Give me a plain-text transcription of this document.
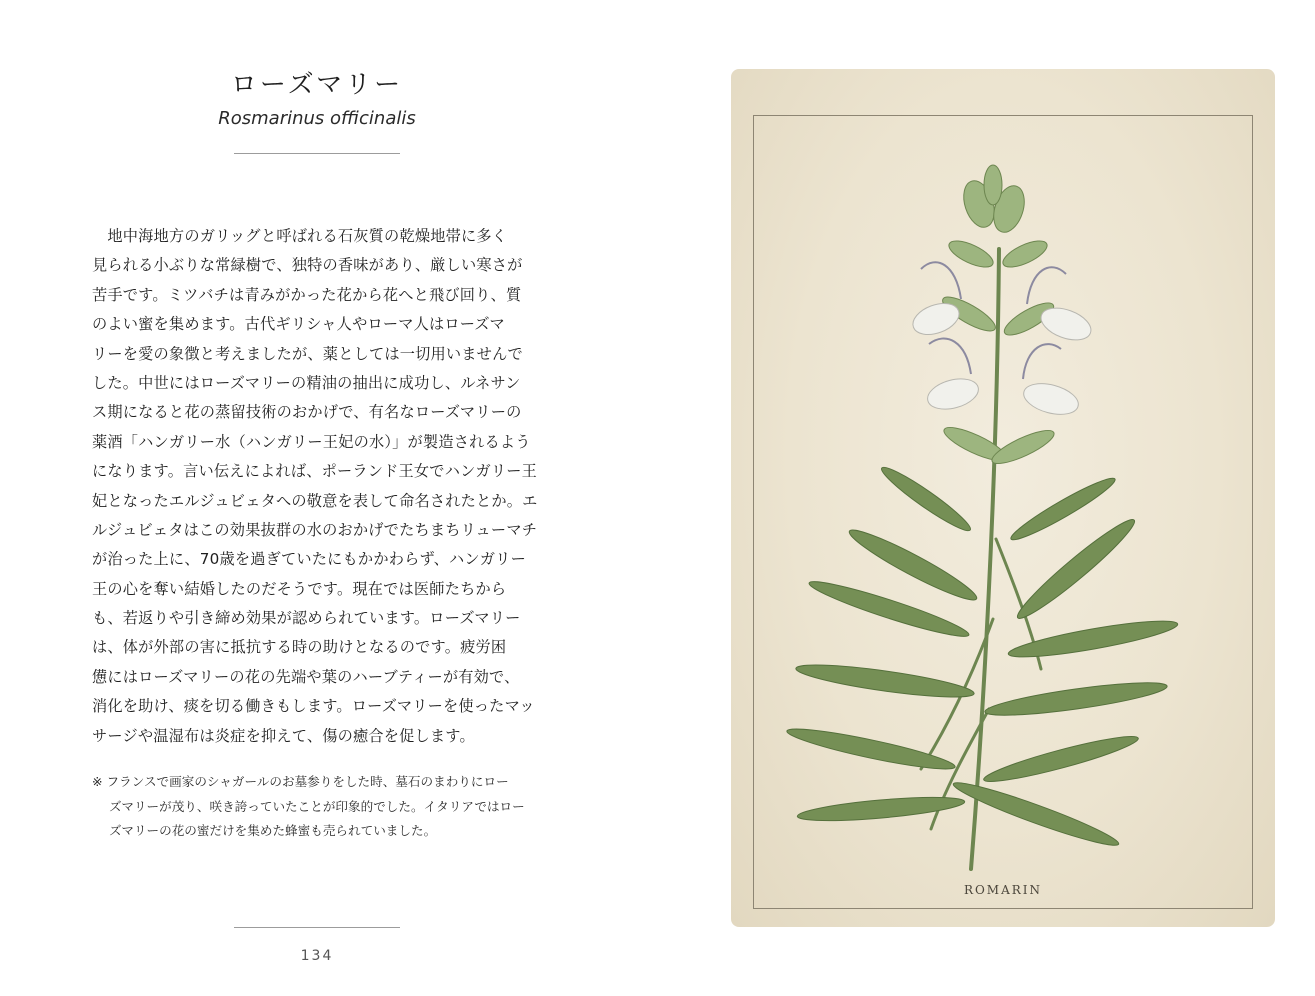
ローズマリー
Rosmarinus officinalis
　地中海地方のガリッグと呼ばれる石灰質の乾燥地帯に多く
見られる小ぶりな常緑樹で、独特の香味があり、厳しい寒さが
苦手です。ミツバチは青みがかった花から花へと飛び回り、質
のよい蜜を集めます。古代ギリシャ人やローマ人はローズマ
リーを愛の象徴と考えましたが、薬としては一切用いませんで
した。中世にはローズマリーの精油の抽出に成功し、ルネサン
ス期になると花の蒸留技術のおかげで、有名なローズマリーの
薬酒「ハンガリー水（ハンガリー王妃の水）」が製造されるよう
になります。言い伝えによれば、ポーランド王女でハンガリー王
妃となったエルジュビェタへの敬意を表して命名されたとか。エ
ルジュビェタはこの効果抜群の水のおかげでたちまちリューマチ
が治った上に、70歳を過ぎていたにもかかわらず、ハンガリー
王の心を奪い結婚したのだそうです。現在では医師たちから
も、若返りや引き締め効果が認められています。ローズマリー
は、体が外部の害に抵抗する時の助けとなるのです。疲労困
憊にはローズマリーの花の先端や葉のハーブティーが有効で、
消化を助け、痰を切る働きもします。ローズマリーを使ったマッ
サージや温湿布は炎症を抑えて、傷の癒合を促します。
※ フランスで画家のシャガールのお墓参りをした時、墓石のまわりにロー
ズマリーが茂り、咲き誇っていたことが印象的でした。イタリアではロー
ズマリーの花の蜜だけを集めた蜂蜜も売られていました。
134
ROMARIN
